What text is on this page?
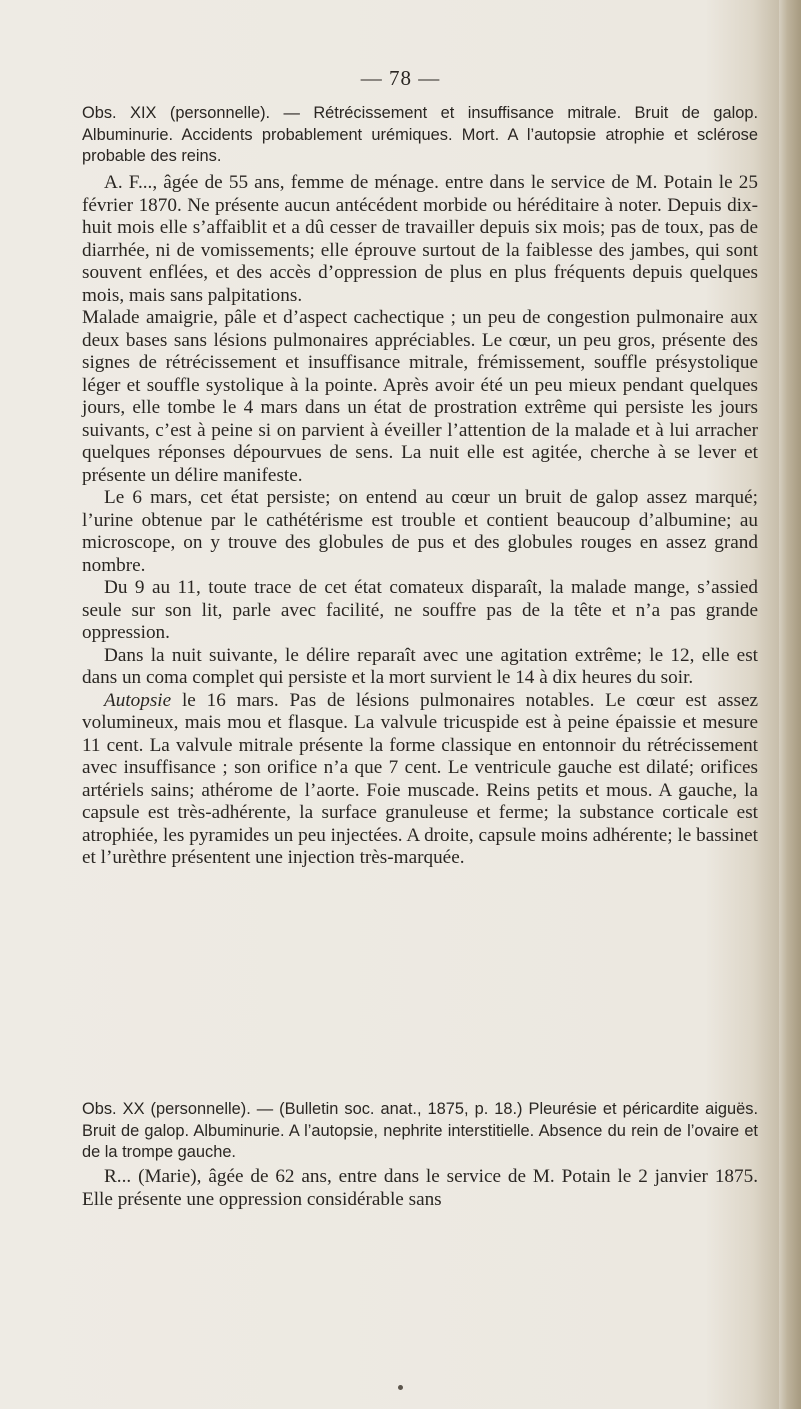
— 78 —

Obs. XIX (personnelle). — Rétrécissement et insuffisance mitrale. Bruit de galop. Albuminurie. Accidents probablement urémiques. Mort. A l’autopsie atrophie et sclérose probable des reins.

A. F..., âgée de 55 ans, femme de ménage. entre dans le service de M. Potain le 25 février 1870. Ne présente aucun antécédent morbide ou héréditaire à noter. Depuis dix-huit mois elle s’affaiblit et a dû cesser de travailler depuis six mois; pas de toux, pas de diarrhée, ni de vomissements; elle éprouve surtout de la faiblesse des jambes, qui sont souvent enflées, et des accès d’oppression de plus en plus fréquents depuis quelques mois, mais sans palpitations.

Malade amaigrie, pâle et d’aspect cachectique ; un peu de congestion pulmonaire aux deux bases sans lésions pulmonaires appréciables. Le cœur, un peu gros, présente des signes de rétrécissement et insuffisance mitrale, frémissement, souffle présystolique léger et souffle systolique à la pointe. Après avoir été un peu mieux pendant quelques jours, elle tombe le 4 mars dans un état de prostration extrême qui persiste les jours suivants, c’est à peine si on parvient à éveiller l’attention de la malade et à lui arracher quelques réponses dépourvues de sens. La nuit elle est agitée, cherche à se lever et présente un délire manifeste.

Le 6 mars, cet état persiste; on entend au cœur un bruit de galop assez marqué; l’urine obtenue par le cathétérisme est trouble et contient beaucoup d’albumine; au microscope, on y trouve des globules de pus et des globules rouges en assez grand nombre.

Du 9 au 11, toute trace de cet état comateux disparaît, la malade mange, s’assied seule sur son lit, parle avec facilité, ne souffre pas de la tête et n’a pas grande oppression.

Dans la nuit suivante, le délire reparaît avec une agitation extrême; le 12, elle est dans un coma complet qui persiste et la mort survient le 14 à dix heures du soir.

Autopsie le 16 mars. Pas de lésions pulmonaires notables. Le cœur est assez volumineux, mais mou et flasque. La valvule tricuspide est à peine épaissie et mesure 11 cent. La valvule mitrale présente la forme classique en entonnoir du rétrécissement avec insuffisance ; son orifice n’a que 7 cent. Le ventricule gauche est dilaté; orifices artériels sains; athérome de l’aorte. Foie muscade. Reins petits et mous. A gauche, la capsule est très-adhérente, la surface granuleuse et ferme; la substance corticale est atrophiée, les pyramides un peu injectées. A droite, capsule moins adhérente; le bassinet et l’urèthre présentent une injection très-marquée.

Obs. XX (personnelle). — (Bulletin soc. anat., 1875, p. 18.) Pleurésie et péricardite aiguës. Bruit de galop. Albuminurie. A l’autopsie, nephrite interstitielle. Absence du rein de l’ovaire et de la trompe gauche.

R... (Marie), âgée de 62 ans, entre dans le service de M. Potain le 2 janvier 1875. Elle présente une oppression considérable sans
